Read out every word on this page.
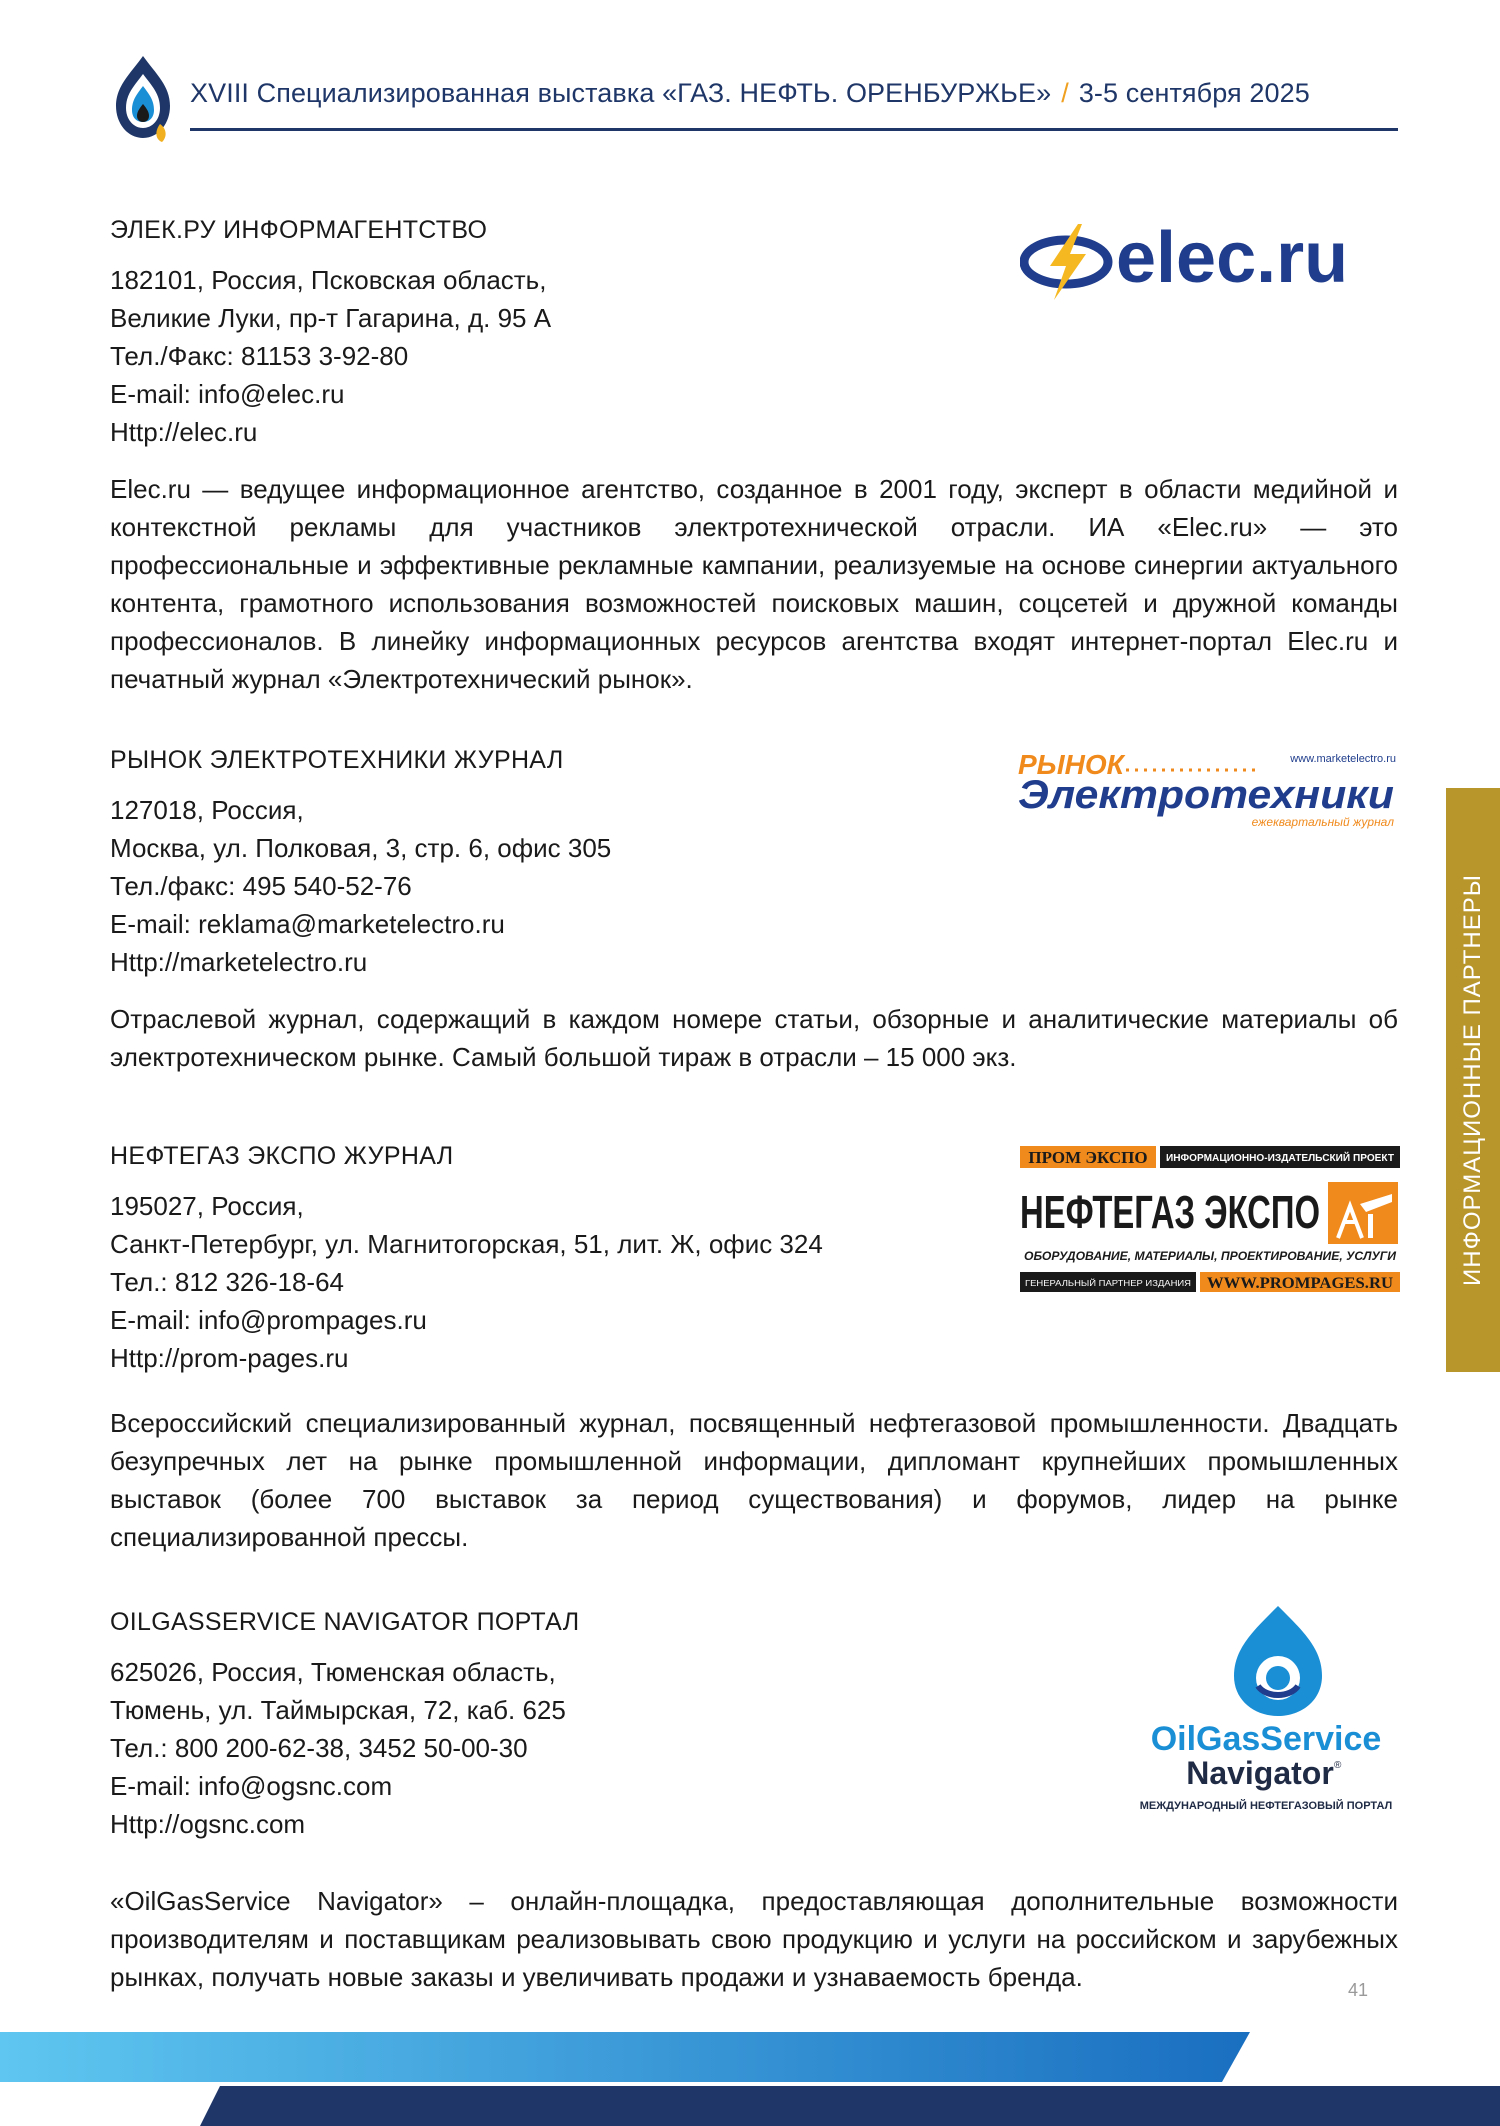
XVIII Специализированная выставка «ГАЗ. НЕФТЬ. ОРЕНБУРЖЬЕ» / 3-5 сентября 2025
ИНФОРМАЦИОННЫЕ ПАРТНЕРЫ
ЭЛЕК.РУ ИНФОРМАГЕНТСТВО
182101, Россия, Псковская область,
Великие Луки, пр-т Гагарина, д. 95 А
Тел./Факс: 81153 3-92-80
E-mail: info@elec.ru
Http://elec.ru
Elec.ru — ведущее информационное агентство, созданное в 2001 году, эксперт в области медийной и контекстной рекламы для участников электротехнической отрасли. ИА «Elec.ru» — это профессиональные и эффективные рекламные кампании, реализуемые на основе синергии актуального контента, грамотного использования возможностей поисковых машин, соцсетей и дружной команды профессионалов. В линейку информационных ресурсов агентства входят интернет-портал Elec.ru и печатный журнал «Электротехнический рынок».
elec.ru
РЫНОК ЭЛЕКТРОТЕХНИКИ ЖУРНАЛ
127018, Россия,
Москва, ул. Полковая, 3, стр. 6, офис 305
Тел./факс: 495 540-52-76
E-mail: reklama@marketelectro.ru
Http://marketelectro.ru
Отраслевой журнал, содержащий в каждом номере статьи, обзорные и аналитические материалы об электротехническом рынке. Самый большой тираж в отрасли – 15 000 экз.
РЫНОК	www.marketelectro.ru
Электротехники
ежеквартальный журнал
НЕФТЕГАЗ ЭКСПО ЖУРНАЛ
195027, Россия,
Санкт-Петербург, ул. Магнитогорская, 51, лит. Ж, офис 324
Тел.: 812 326-18-64
E-mail: info@prompages.ru
Http://prom-pages.ru
Всероссийский специализированный журнал, посвященный нефтегазовой промышленности. Двадцать безупречных лет на рынке промышленной информации, дипломант крупнейших промышленных выставок (более 700 выставок за период существования) и форумов, лидер на рынке специализированной прессы.
ПРОМ ЭКСПО ИНФОРМАЦИОННО-ИЗДАТЕЛЬСКИЙ ПРОЕКТ
НЕФТЕГАЗ ЭКСПО
ОБОРУДОВАНИЕ, МАТЕРИАЛЫ, ПРОЕКТИРОВАНИЕ, УСЛУГИ
ГЕНЕРАЛЬНЫЙ ПАРТНЕР ИЗДАНИЯ WWW.PROMPAGES.RU
OILGASSERVICE NAVIGATOR ПОРТАЛ
625026, Россия, Тюменская область,
Тюмень, ул. Таймырская, 72, каб. 625
Тел.: 800 200-62-38, 3452 50-00-30
E-mail: info@ogsnc.com
Http://ogsnc.com
«OilGasService Navigator» – онлайн-площадка, предоставляющая дополнительные возможности производителям и поставщикам реализовывать свою продукцию и услуги на российском и зарубежных рынках, получать новые заказы и увеличивать продажи и узнаваемость бренда.
OilGasService
Navigator ®
МЕЖДУНАРОДНЫЙ НЕФТЕГАЗОВЫЙ ПОРТАЛ
41
